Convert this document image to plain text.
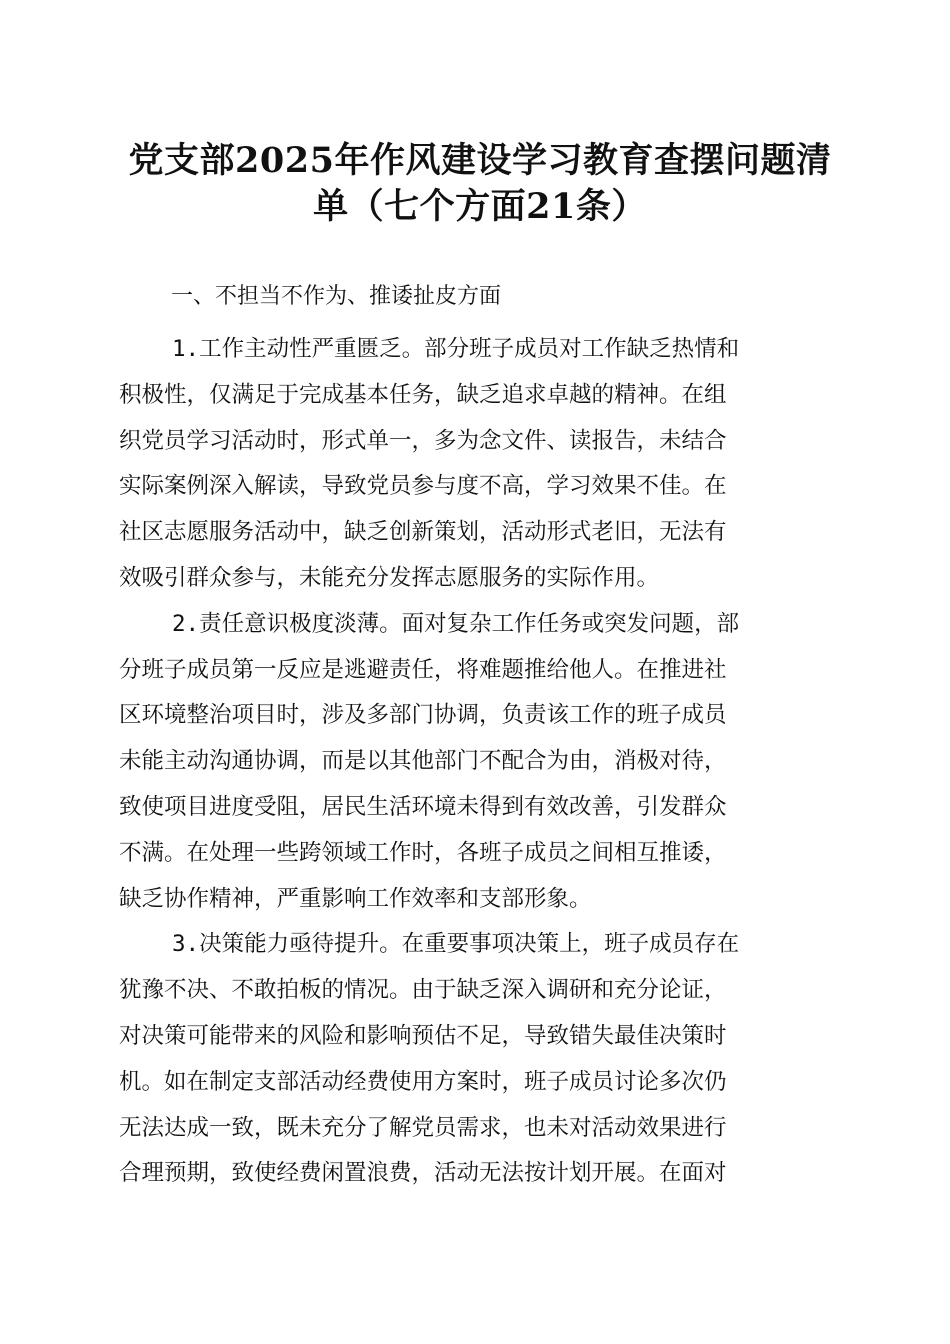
党支部2025年作风建设学习教育查摆问题清
单（七个方面21条）
一、不担当不作为、推诿扯皮方面

1.工作主动性严重匮乏。部分班子成员对工作缺乏热情和
积极性，仅满足于完成基本任务，缺乏追求卓越的精神。在组
织党员学习活动时，形式单一，多为念文件、读报告，未结合
实际案例深入解读，导致党员参与度不高，学习效果不佳。在
社区志愿服务活动中，缺乏创新策划，活动形式老旧，无法有
效吸引群众参与，未能充分发挥志愿服务的实际作用。

2.责任意识极度淡薄。面对复杂工作任务或突发问题，部
分班子成员第一反应是逃避责任，将难题推给他人。在推进社
区环境整治项目时，涉及多部门协调，负责该工作的班子成员
未能主动沟通协调，而是以其他部门不配合为由，消极对待，
致使项目进度受阻，居民生活环境未得到有效改善，引发群众
不满。在处理一些跨领域工作时，各班子成员之间相互推诿，
缺乏协作精神，严重影响工作效率和支部形象。

3.决策能力亟待提升。在重要事项决策上，班子成员存在
犹豫不决、不敢拍板的情况。由于缺乏深入调研和充分论证，
对决策可能带来的风险和影响预估不足，导致错失最佳决策时
机。如在制定支部活动经费使用方案时，班子成员讨论多次仍
无法达成一致，既未充分了解党员需求，也未对活动效果进行
合理预期，致使经费闲置浪费，活动无法按计划开展。在面对
